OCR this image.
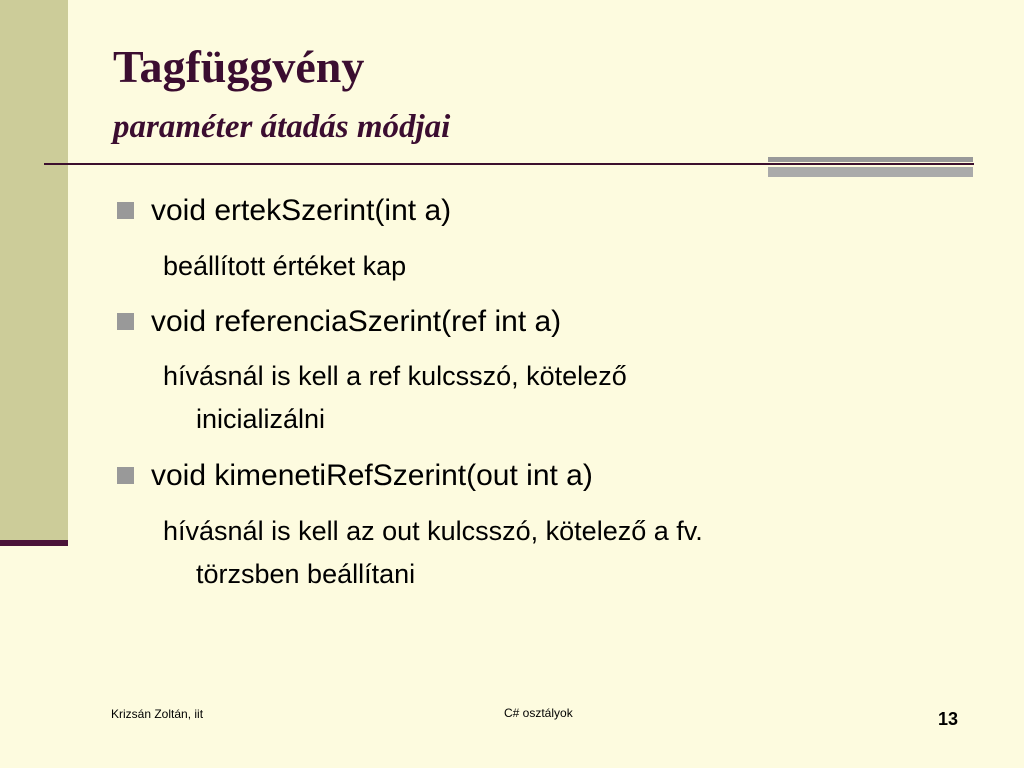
Tagfüggvény
paraméter átadás módjai
void ertekSzerint(int a)
beállított értéket kap
void referenciaSzerint(ref int a)
hívásnál is kell a ref kulcsszó, kötelező
inicializálni
void kimenetiRefSzerint(out int a)
hívásnál is kell az out kulcsszó, kötelező a fv.
törzsben beállítani
Krizsán Zoltán, iit	C# osztályok	13
